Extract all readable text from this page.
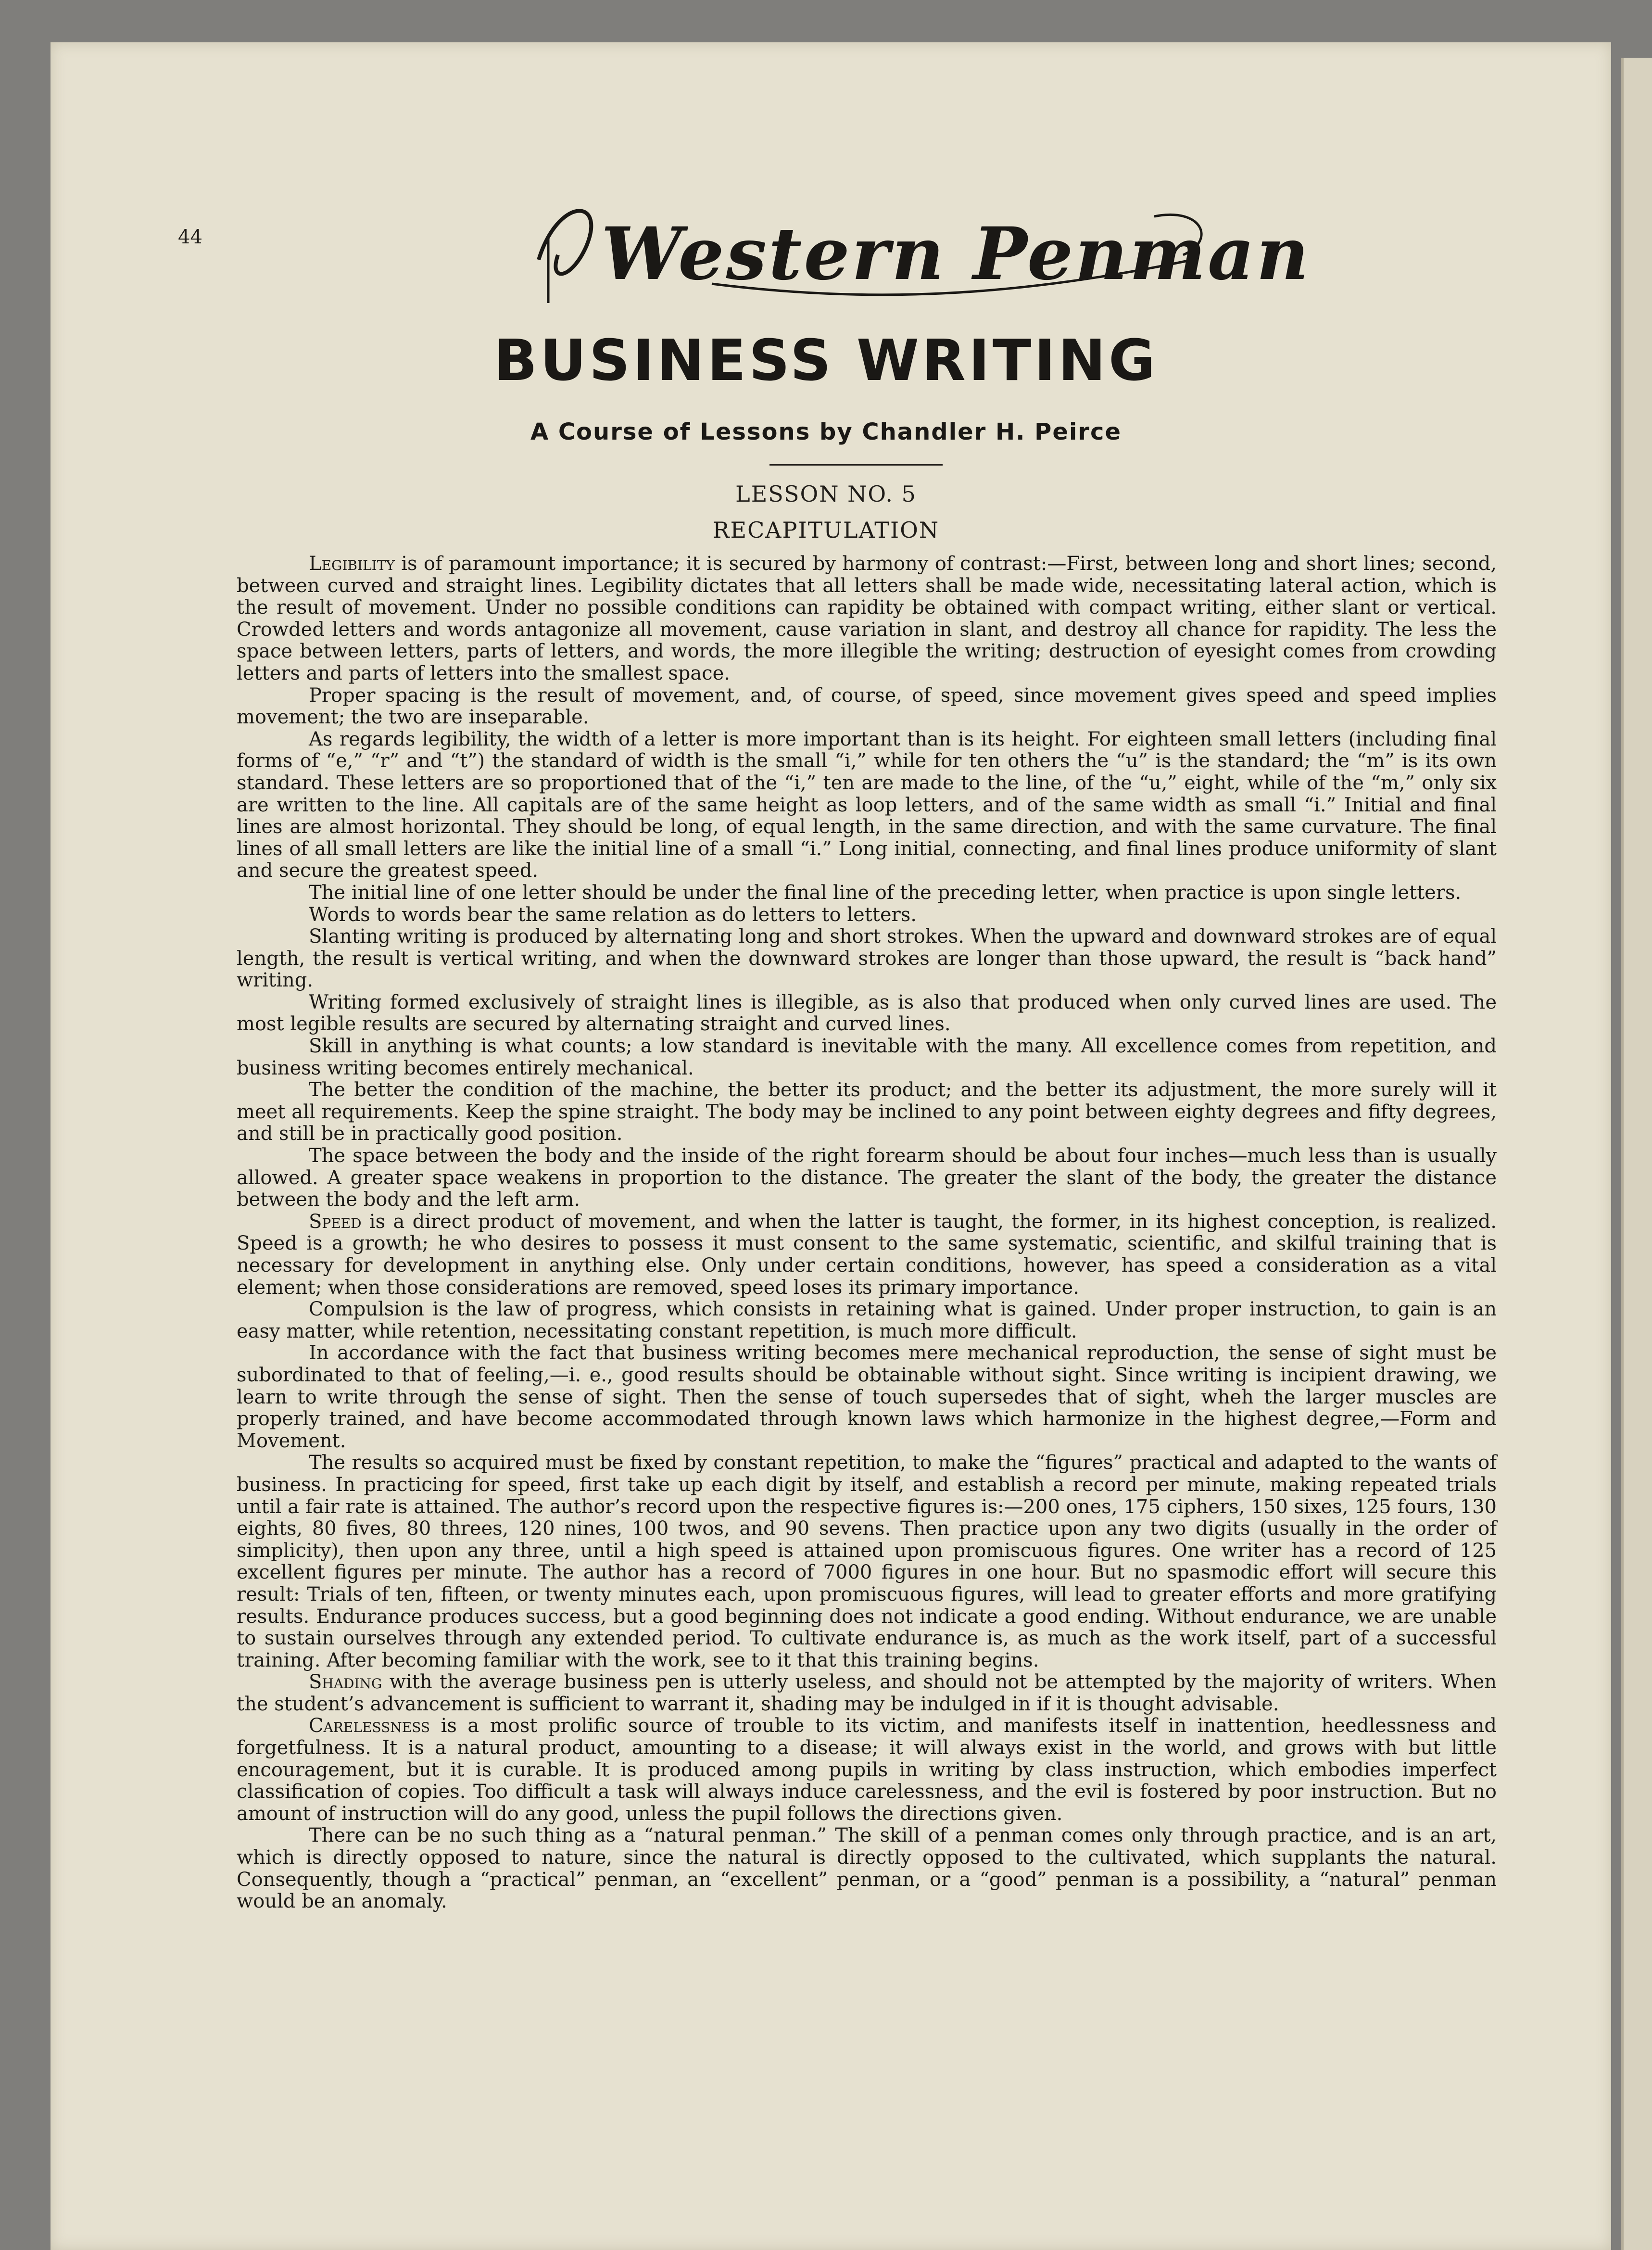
44	Western Penman
BUSINESS WRITING
A Course of Lessons by Chandler H. Peirce
LESSON NO. 5
RECAPITULATION

Legibility is of paramount importance; it is secured by harmony of contrast:—First, between long and short lines; second, between curved and straight lines. Legibility dictates that all letters shall be made wide, necessitating lateral action, which is the result of movement. Under no possible conditions can rapidity be obtained with compact writing, either slant or vertical. Crowded letters and words antagonize all movement, cause variation in slant, and destroy all chance for rapidity. The less the space between letters, parts of letters, and words, the more illegible the writing; destruction of eyesight comes from crowding letters and parts of letters into the smallest space.

Proper spacing is the result of movement, and, of course, of speed, since movement gives speed and speed implies movement; the two are inseparable.

As regards legibility, the width of a letter is more important than is its height. For eighteen small letters (including final forms of “e,” “r” and “t”) the standard of width is the small “i,” while for ten others the “u” is the standard; the “m” is its own standard. These letters are so proportioned that of the “i,” ten are made to the line, of the “u,” eight, while of the “m,” only six are written to the line. All capitals are of the same height as loop letters, and of the same width as small “i.” Initial and final lines are almost horizontal. They should be long, of equal length, in the same direction, and with the same curvature. The final lines of all small letters are like the initial line of a small “i.” Long initial, connecting, and final lines produce uniformity of slant and secure the greatest speed.

The initial line of one letter should be under the final line of the preceding letter, when practice is upon single letters.

Words to words bear the same relation as do letters to letters.

Slanting writing is produced by alternating long and short strokes. When the upward and downward strokes are of equal length, the result is vertical writing, and when the downward strokes are longer than those upward, the result is “back hand” writing.

Writing formed exclusively of straight lines is illegible, as is also that produced when only curved lines are used. The most legible results are secured by alternating straight and curved lines.

Skill in anything is what counts; a low standard is inevitable with the many. All excellence comes from repetition, and business writing becomes entirely mechanical.

The better the condition of the machine, the better its product; and the better its adjustment, the more surely will it meet all requirements. Keep the spine straight. The body may be inclined to any point between eighty degrees and fifty degrees, and still be in practically good position.

The space between the body and the inside of the right forearm should be about four inches—much less than is usually allowed. A greater space weakens in proportion to the distance. The greater the slant of the body, the greater the distance between the body and the left arm.

Speed is a direct product of movement, and when the latter is taught, the former, in its highest conception, is realized. Speed is a growth; he who desires to possess it must consent to the same systematic, scientific, and skilful training that is necessary for development in anything else. Only under certain conditions, however, has speed a consideration as a vital element; when those considerations are removed, speed loses its primary importance.

Compulsion is the law of progress, which consists in retaining what is gained. Under proper instruction, to gain is an easy matter, while retention, necessitating constant repetition, is much more difficult.

In accordance with the fact that business writing becomes mere mechanical reproduction, the sense of sight must be subordinated to that of feeling,—i. e., good results should be obtainable without sight. Since writing is incipient drawing, we learn to write through the sense of sight. Then the sense of touch supersedes that of sight, wheh the larger muscles are properly trained, and have become accommodated through known laws which harmonize in the highest degree,—Form and Movement.

The results so acquired must be fixed by constant repetition, to make the “figures” practical and adapted to the wants of business. In practicing for speed, first take up each digit by itself, and establish a record per minute, making repeated trials until a fair rate is attained. The author’s record upon the respective figures is:—200 ones, 175 ciphers, 150 sixes, 125 fours, 130 eights, 80 fives, 80 threes, 120 nines, 100 twos, and 90 sevens. Then practice upon any two digits (usually in the order of simplicity), then upon any three, until a high speed is attained upon promiscuous figures. One writer has a record of 125 excellent figures per minute. The author has a record of 7000 figures in one hour. But no spasmodic effort will secure this result: Trials of ten, fifteen, or twenty minutes each, upon promiscuous figures, will lead to greater efforts and more gratifying results. Endurance produces success, but a good beginning does not indicate a good ending. Without endurance, we are unable to sustain ourselves through any extended period. To cultivate endurance is, as much as the work itself, part of a successful training. After becoming familiar with the work, see to it that this training begins.

Shading with the average business pen is utterly useless, and should not be attempted by the majority of writers. When the student’s advancement is sufficient to warrant it, shading may be indulged in if it is thought advisable.

Carelessness is a most prolific source of trouble to its victim, and manifests itself in inattention, heedlessness and forgetfulness. It is a natural product, amounting to a disease; it will always exist in the world, and grows with but little encouragement, but it is curable. It is produced among pupils in writing by class instruction, which embodies imperfect classification of copies. Too difficult a task will always induce carelessness, and the evil is fostered by poor instruction. But no amount of instruction will do any good, unless the pupil follows the directions given.

There can be no such thing as a “natural penman.” The skill of a penman comes only through practice, and is an art, which is directly opposed to nature, since the natural is directly opposed to the cultivated, which supplants the natural. Consequently, though a “practical” penman, an “excellent” penman, or a “good” penman is a possibility, a “natural” penman would be an anomaly.
